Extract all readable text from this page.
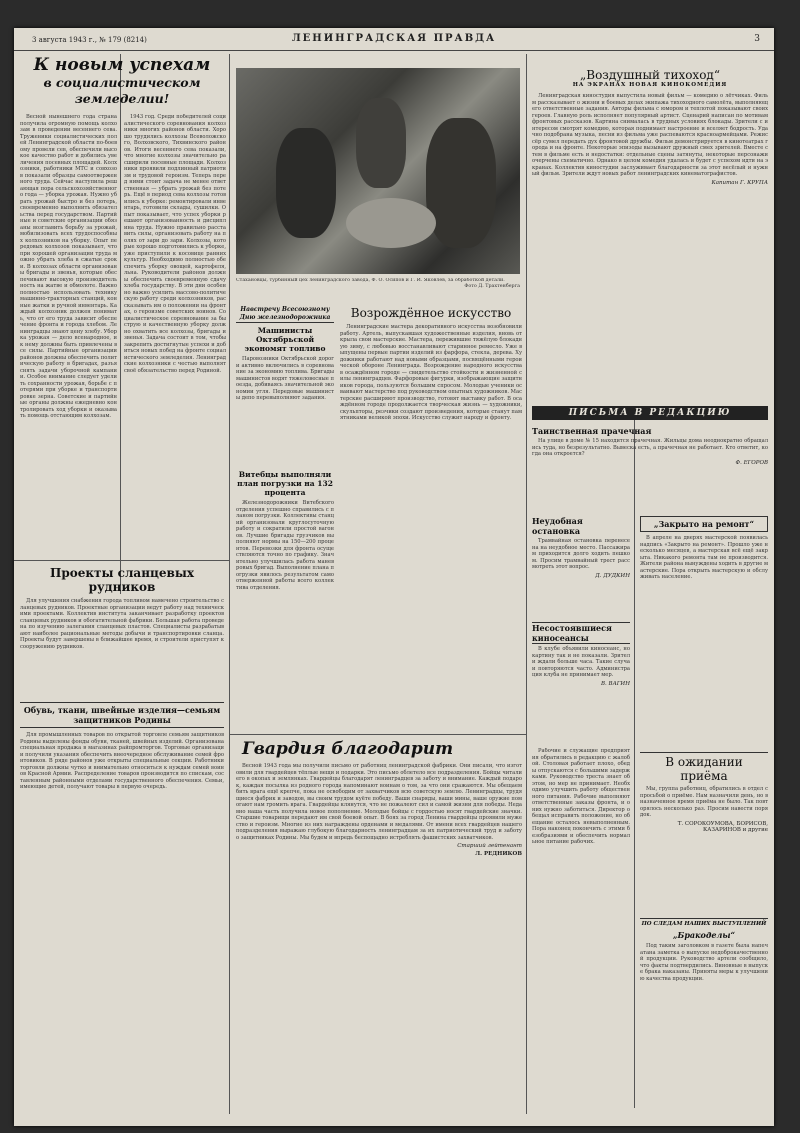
3 августа 1943 г., № 179 (8214)	ЛЕНИНГРАДСКАЯ ПРАВДА	3

К новым успехам

в социалистическом земледелии!

Весной нынешнего года страна получила огромную помощь колхозам в проведении весеннего сева. Труженики социалистических полей Ленинградской области по-боевому провели сев, обеспечили высокое качество работ и добились увеличения посевных площадей. Колхозники, работники МТС и совхозов показали образцы самоотверженного труда. Сейчас наступила решающая пора сельскохозяйственного года — уборка урожая. Нужно убрать урожай быстро и без потерь, своевременно выполнить обязательства перед государством. Партийные и советские организации обязаны возглавить борьбу за урожай, мобилизовать всех трудоспособных колхозников на уборку. Опыт передовых колхозов показывает, что при хорошей организации труда можно убрать хлеба в сжатые сроки. В колхозах области организованы бригады и звенья, которые обеспечивают высокую производительность на жатве и обмолоте. Важно полностью использовать технику машинно-тракторных станций, конные жатки и ручной инвентарь. Каждый колхозник должен понимать, что от его труда зависит обеспечение фронта и города хлебом. Ленинградцы знают цену хлебу. Уборка урожая — дело всенародное, и к нему должны быть привлечены все силы. Партийные организации районов должны обеспечить политическую работу в бригадах, разъяснять задачи уборочной кампании. Особое внимание следует уделить сохранности урожая, борьбе с потерями при уборке и транспортировке зерна. Советские и партийные органы должны ежедневно контролировать ход уборки и оказывать помощь отстающим колхозам.

1943 год. Среди победителей социалистического соревнования колхозники многих районов области. Хорошо трудились колхозы Всеволожского, Волховского, Тихвинского районов. Итоги весеннего сева показали, что многие колхозы значительно расширили посевные площади. Колхозники проявили подлинный патриотизм и трудовой героизм. Теперь перед ними стоит задача не менее ответственная — убрать урожай без потерь. Ещё в период сева колхозы готовились к уборке: ремонтировали инвентарь, готовили склады, сушилки. Опыт показывает, что успех уборки решают организованность и дисциплина труда. Нужно правильно расставить силы, организовать работу на полях от зари до зари. Колхозы, которые хорошо подготовились к уборке, уже приступили к косовице ранних культур. Необходимо полностью обеспечить уборку овощей, картофеля, льна. Руководители районов должны обеспечить своевременную сдачу хлеба государству. В эти дни особенно важно усилить массово-политическую работу среди колхозников, рассказывать им о положении на фронтах, о героизме советских воинов. Социалистическое соревнование за быструю и качественную уборку должно охватить все колхозы, бригады и звенья. Задача состоит в том, чтобы закрепить достигнутые успехи и добиться новых побед на фронте социалистического земледелия. Ленинградские колхозники с честью выполнят своё обязательство перед Родиной.

Проекты сланцевых рудников

Для улучшения снабжения города топливом намечено строительство сланцевых рудников. Проектные организации ведут работу над техническими проектами. Коллектив института заканчивает разработку проектов сланцевых рудников и обогатительной фабрики. Большая работа проведена по изучению залегания сланцевых пластов. Специалисты разрабатывают наиболее рациональные методы добычи и транспортировки сланца. Проекты будут завершены в ближайшее время, и строители приступят к сооружению рудников.

Обувь, ткани, швейные изделия—семьям защитников Родины

Для промышленных товаров по открытой торговле семьям защитников Родины выделены фонды обуви, тканей, швейных изделий. Организована специальная продажа в магазинах райпромторгов. Торговые организации получили указания обеспечить внеочередное обслуживание семей фронтовиков. В ряде районов уже открыты специальные секции. Работники торговли должны чутко и внимательно относиться к нуждам семей воинов Красной Армии. Распределение товаров производится по спискам, составленным районными отделами государственного обеспечения. Семьи, имеющие детей, получают товары в первую очередь.

Стахановцы, турбинный цех ленинградского завода, Ф. О. Осипов и Г. И. Яковлев, за обработкой детали.
Фото Д. Трахтенберга

Навстречу Всесоюзному

Дню железнодорожника

Машинисты Октябрьской экономят топливо

Паровозники Октябрьской дороги активно включились в соревнование за экономию топлива. Бригады машинистов водят тяжеловесные поезда, добиваясь значительной экономии угля. Передовые машинисты депо перевыполняют задания.

Витебцы выполняли план погрузки на 132 процента

Железнодорожники Витебского отделения успешно справились с планом погрузки. Коллективы станций организовали круглосуточную работу и сократили простой вагонов. Лучшие бригады грузчиков выполняют нормы на 150—200 процентов. Перевозки для фронта осуществляются точно по графику. Значительно улучшилась работа маневровых бригад. Выполнение плана погрузки явилось результатом самоотверженной работы всего коллектива отделения.

Возрождённое искусство

Ленинградские мастера декоративного искусства возобновили работу. Артель, выпускавшая художественные изделия, вновь открыла свои мастерские. Мастера, пережившие тяжёлую блокадную зиму, с любовью восстанавливают старинное ремесло. Уже выпущены первые партии изделий из фарфора, стекла, дерева. Художники работают над новыми образцами, посвящёнными героической обороне Ленинграда. Возрождение народного искусства в осаждённом городе — свидетельство стойкости и жизненной силы ленинградцев. Фарфоровые фигурки, изображающие защитников города, пользуются большим спросом. Молодые ученики осваивают мастерство под руководством опытных художников. Мастерские расширяют производство, готовят выставку работ. В осаждённом городе продолжается творческая жизнь — художники, скульпторы, резчики создают произведения, которые станут памятниками великой эпохи. Искусство служит народу и фронту.

Гвардия благодарит

Весной 1943 года мы получили письмо от работниц ленинградской фабрики. Они писали, что изготовили для гвардейцев тёплые вещи и подарки. Это письмо облетело все подразделения. Бойцы читали его в окопах и землянках. Гвардейцы благодарят ленинградцев за заботу и внимание. Каждый подарок, каждая посылка из родного города напоминают воинам о том, за что они сражаются. Мы обещаем бить врага ещё крепче, пока не освободим от захватчиков всю советскую землю. Ленинградцы, трудящиеся фабрик и заводов, вы своим трудом куёте победу. Ваши снаряды, ваши мины, ваше оружие помогают нам громить врага. Гвардейцы клянутся, что не пожалеют сил и самой жизни для победы. Недавно наша часть получила новое пополнение. Молодые бойцы с гордостью носят гвардейские значки. Старшие товарищи передают им свой боевой опыт. В боях за город Ленина гвардейцы проявили мужество и героизм. Многие из них награждены орденами и медалями. От имени всех гвардейцев нашего подразделения выражаю глубокую благодарность ленинградцам за их патриотический труд и заботу о защитниках Родины. Мы будем и впредь беспощадно истреблять фашистских захватчиков.

Старший лейтенант
Л. РЕДНИКОВ

„Воздушный тихоход“

НА ЭКРАНАХ НОВАЯ КИНОКОМЕДИЯ

Ленинградская киностудия выпустила новый фильм — комедию о лётчиках. Фильм рассказывает о жизни и боевых делах экипажа тихоходного самолёта, выполняющего ответственные задания. Авторы фильма с юмором и теплотой показывают своих героев. Главную роль исполняет популярный артист. Сценарий написан по мотивам фронтовых рассказов. Картина снималась в трудных условиях блокады. Зрители с интересом смотрят комедию, которая поднимает настроение и вселяет бодрость. Удачно подобрана музыка, песни из фильма уже распеваются красноармейцами. Режиссёр сумел передать дух фронтовой дружбы. Фильм демонстрируется в кинотеатрах города и на фронте. Некоторые эпизоды вызывают дружный смех зрителей. Вместе с тем в фильме есть и недостатки: отдельные сцены затянуты, некоторые персонажи очерчены схематично. Однако в целом комедия удалась и будет с успехом идти на экранах. Коллектив киностудии заслуживает благодарности за этот весёлый и нужный фильм. Зрители ждут новых работ ленинградских кинематографистов.

Капитан Г. КРУПА
ПИСЬМА В РЕДАКЦИЮ

Таинственная прачечная

На улице в доме № 15 находится прачечная. Жильцы дома неоднократно обращались туда, но безрезультатно. Вывеска есть, а прачечная не работает. Кто ответит, когда она откроется?

Ф. ЕГОРОВ

Неудобная остановка

Трамвайная остановка перенесена на неудобное место. Пассажирам приходится долго ходить пешком. Просим трамвайный трест рассмотреть этот вопрос.

Д. ДУДКИН

Несостоявшиеся киносеансы

В клубе объявили киносеанс, но картину так и не показали. Зрители ждали больше часа. Такие случаи повторяются часто. Администрация клуба не принимает мер.

В. ВАГИН

„Закрыто на ремонт“

В апреле на дверях мастерской появилась надпись «Закрыто на ремонт». Прошло уже несколько месяцев, а мастерская всё ещё закрыта. Никакого ремонта там не производится. Жители района вынуждены ходить в другие мастерские. Пора открыть мастерскую и обслуживать население.

В ожидании приёма

Мы, группа работниц, обратились в отдел с просьбой о приёме. Нам назначили день, но в назначенное время приёма не было. Так повторялось несколько раз. Просим навести порядок.

Т. СОРОКОУМОВА, БОРИСОВ, КАЗАРИНОВ и другие

Рабочие и служащие предприятия обратились в редакцию с жалобой. Столовая работает плохо, обеды отпускаются с большими задержками. Руководство треста знает об этом, но мер не принимает. Необходимо улучшить работу общественного питания. Рабочие выполняют ответственные заказы фронта, и о них нужно заботиться. Директор обещал исправить положение, но обещание осталось невыполненным. Пора наконец покончить с этими безобразиями и обеспечить нормальное питание рабочих.

ПО СЛЕДАМ НАШИХ ВЫСТУПЛЕНИЙ

„Бракоделы“

Под таким заголовком в газете была напечатана заметка о выпуске недоброкачественной продукции. Руководство артели сообщило, что факты подтвердились. Виновные в выпуске брака наказаны. Приняты меры к улучшению качества продукции.
